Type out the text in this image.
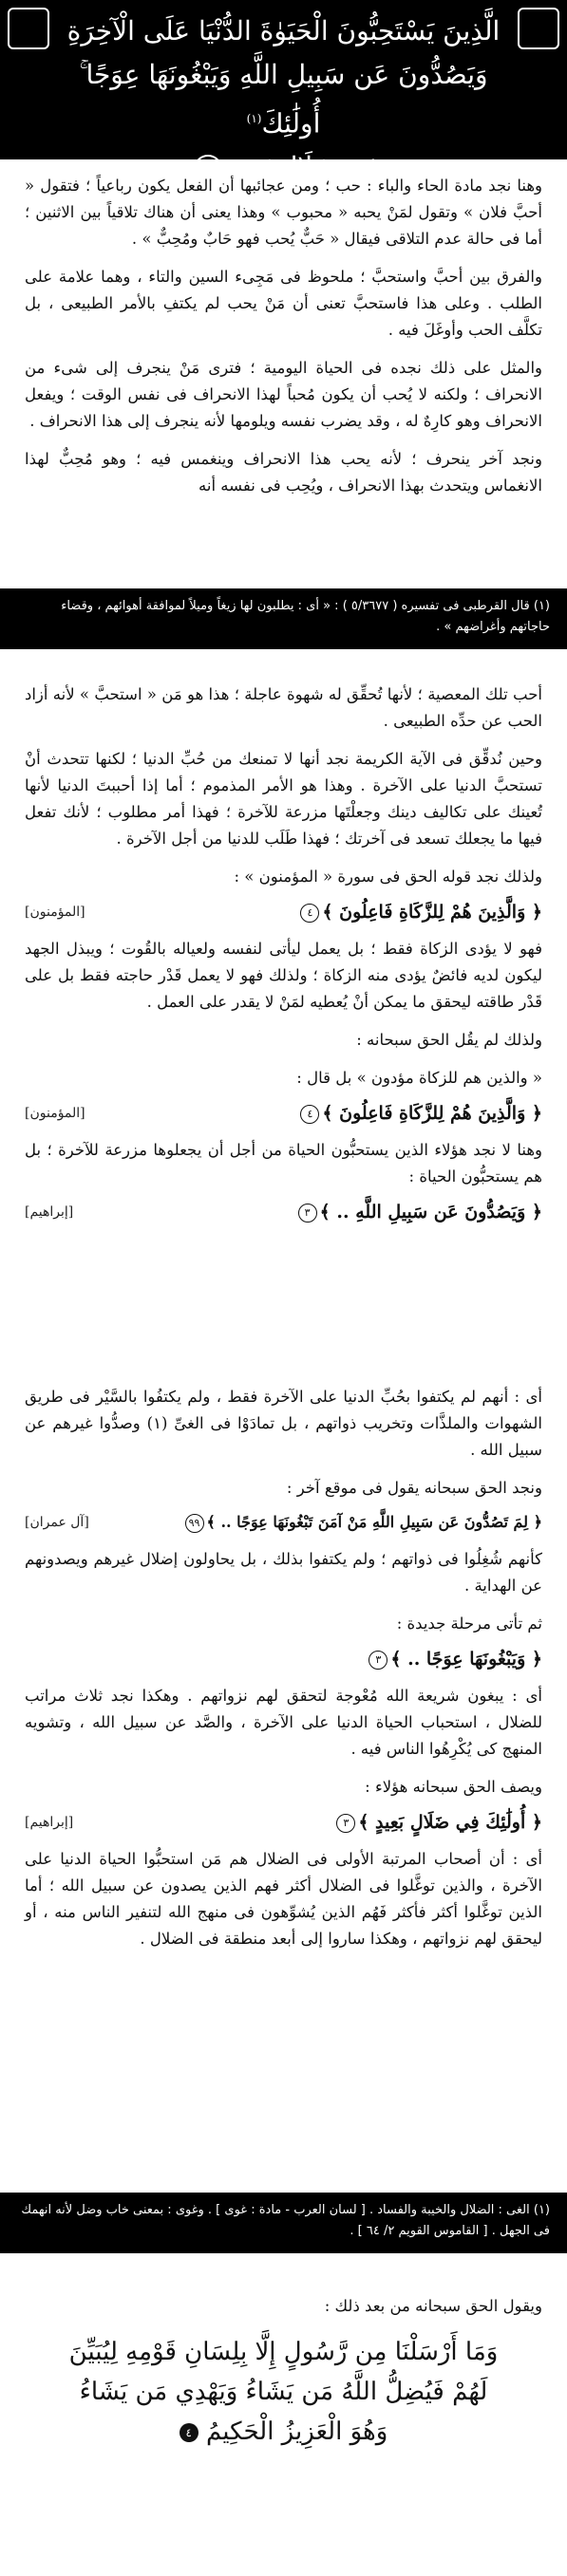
الَّذِينَ يَسْتَحِبُّونَ الْحَيَوٰةَ الدُّنْيَا عَلَى الْآخِرَةِ
وَيَصُدُّونَ عَن سَبِيلِ اللَّهِ وَيَبْغُونَهَا عِوَجًا ۚ أُولَٰئِكَ$^{(١)}$
فِي ضَلَالٍ بَعِيدٍ٣

وهنا نجد مادة الحاء والباء : حب ؛ ومن عجائبها أن الفعل يكون رباعياً ؛ فتقول « أحبَّ فلان » وتقول لمَنْ يحبه « محبوب » وهذا يعنى أن هناك تلاقياً بين الاثنين ؛ أما فى حالة عدم التلاقى فيقال « حَبٌّ يُحب فهو حَابٌ ومُحِبٌّ » .

والفرق بين أحبَّ واستحبَّ ؛ ملحوظ فى مَجِىء السين والتاء ، وهما علامة على الطلب . وعلى هذا فاستحبَّ تعنى أن مَنْ يحب لم يكتفِ بالأمر الطبيعى ، بل تكلَّف الحب وأوغَلَ فيه .

والمثل على ذلك نجده فى الحياة اليومية ؛ فترى مَنْ ينجرف إلى شىء من الانحراف ؛ ولكنه لا يُحب أن يكون مُحباً لهذا الانحراف فى نفس الوقت ؛ ويفعل الانحراف وهو كارِهٌ له ، وقد يضرب نفسه ويلومها لأنه ينجرف إلى هذا الانحراف .

ونجد آخر ينحرف ؛ لأنه يحب هذا الانحراف وينغمس فيه ؛ وهو مُحِبٌّ لهذا الانغماس ويتحدث بهذا الانحراف ، ويُحِب فى نفسه أنه

(١) قال القرطبى فى تفسيره ( ٥/٣٦٧٧ ) : « أى : يطلبون لها زيغاً وميلاً لموافقة أهوائهم ، وقضاء حاجاتهم وأغراضهم » .

أحب تلك المعصية ؛ لأنها تُحقِّق له شهوة عاجلة ؛ هذا هو مَن « استحبَّ » لأنه أزاد الحب عن حدِّه الطبيعى .

وحين نُدقِّق فى الآية الكريمة نجد أنها لا تمنعك من حُبِّ الدنيا ؛ لكنها تتحدث أنْ تستحبَّ الدنيا على الآخرة . وهذا هو الأمر المذموم ؛ أما إذا أحببتَ الدنيا لأنها تُعينك على تكاليف دينك وجعلْتَها مزرعة للآخرة ؛ فهذا أمر مطلوب ؛ لأنك تفعل فيها ما يجعلك تسعد فى آخرتك ؛ فهذا طَلَب للدنيا من أجل الآخرة .

ولذلك نجد قوله الحق فى سورة « المؤمنون » :

﴿ وَالَّذِينَ هُمْ لِلزَّكَاةِ فَاعِلُونَ ﴾٤
[المؤمنون]

فهو لا يؤدى الزكاة فقط ؛ بل يعمل ليأتى لنفسه ولعياله بالقُوت ؛ ويبذل الجهد ليكون لديه فائضٌ يؤدى منه الزكاة ؛ ولذلك فهو لا يعمل قَدْر حاجته فقط بل على قَدْر طاقته ليحقق ما يمكن أنْ يُعطيه لمَنْ لا يقدر على العمل .

ولذلك لم يقُل الحق سبحانه :

« والذين هم للزكاة مؤدون » بل قال :

﴿ وَالَّذِينَ هُمْ لِلزَّكَاةِ فَاعِلُونَ ﴾٤
[المؤمنون]

وهنا لا نجد هؤلاء الذين يستحبُّون الحياة من أجل أن يجعلوها مزرعة للآخرة ؛ بل هم يستحبُّون الحياة :

﴿ وَيَصُدُّونَ عَن سَبِيلِ اللَّهِ .. ﴾٣
[إبراهيم]

أى : أنهم لم يكتفوا بحُبِّ الدنيا على الآخرة فقط ، ولم يكتفُوا بالسَّيْر فى طريق الشهوات والملذَّات وتخريب ذواتهم ، بل تمادَوْا فى الغىِّ (١) وصدُّوا غيرهم عن سبيل الله .

ونجد الحق سبحانه يقول فى موقع آخر :

﴿ لِمَ تَصُدُّونَ عَن سَبِيلِ اللَّهِ مَنْ آمَنَ تَبْغُونَهَا عِوَجًا .. ﴾٩٩
[آل عمران]

كأنهم شُغِلُوا فى ذواتهم ؛ ولم يكتفوا بذلك ، بل يحاولون إضلال غيرهم ويصدونهم عن الهداية .

ثم تأتى مرحلة جديدة :

﴿ وَيَبْغُونَهَا عِوَجًا .. ﴾٣

أى : يبغون شريعة الله مُعْوجة لتحقق لهم نزواتهم . وهكذا نجد ثلاث مراتب للضلال ، استحباب الحياة الدنيا على الآخرة ، والصَّد عن سبيل الله ، وتشويه المنهج كى يُكْرِهُوا الناس فيه .

ويصف الحق سبحانه هؤلاء :

﴿ أُولَٰئِكَ فِي ضَلَالٍ بَعِيدٍ ﴾٣
[إبراهيم]

أى : أن أصحاب المرتبة الأولى فى الضلال هم مَن استحبُّوا الحياة الدنيا على الآخرة ، والذين توغَّلوا فى الضلال أكثر فهم الذين يصدون عن سبيل الله ؛ أما الذين توغَّلوا أكثر فأكثر فَهُم الذين يُشوِّهون فى منهج الله لتنفير الناس منه ، أو ليحقق لهم نزواتهم ، وهكذا ساروا إلى أبعد منطقة فى الضلال .

(١) الغى : الضلال والخيبة والفساد . [ لسان العرب - مادة : غوى ] . وغوى : بمعنى خاب وضل لأنه انهمك فى الجهل . [ القاموس القويم ٢/ ٦٤ ] .
ويقول الحق سبحانه من بعد ذلك :
وَمَا أَرْسَلْنَا مِن رَّسُولٍ إِلَّا بِلِسَانِ قَوْمِهِ لِيُبَيِّنَ
لَهُمْ فَيُضِلُّ اللَّهُ مَن يَشَاءُ وَيَهْدِي مَن يَشَاءُ
وَهُوَ الْعَزِيزُ الْحَكِيمُ ٤
